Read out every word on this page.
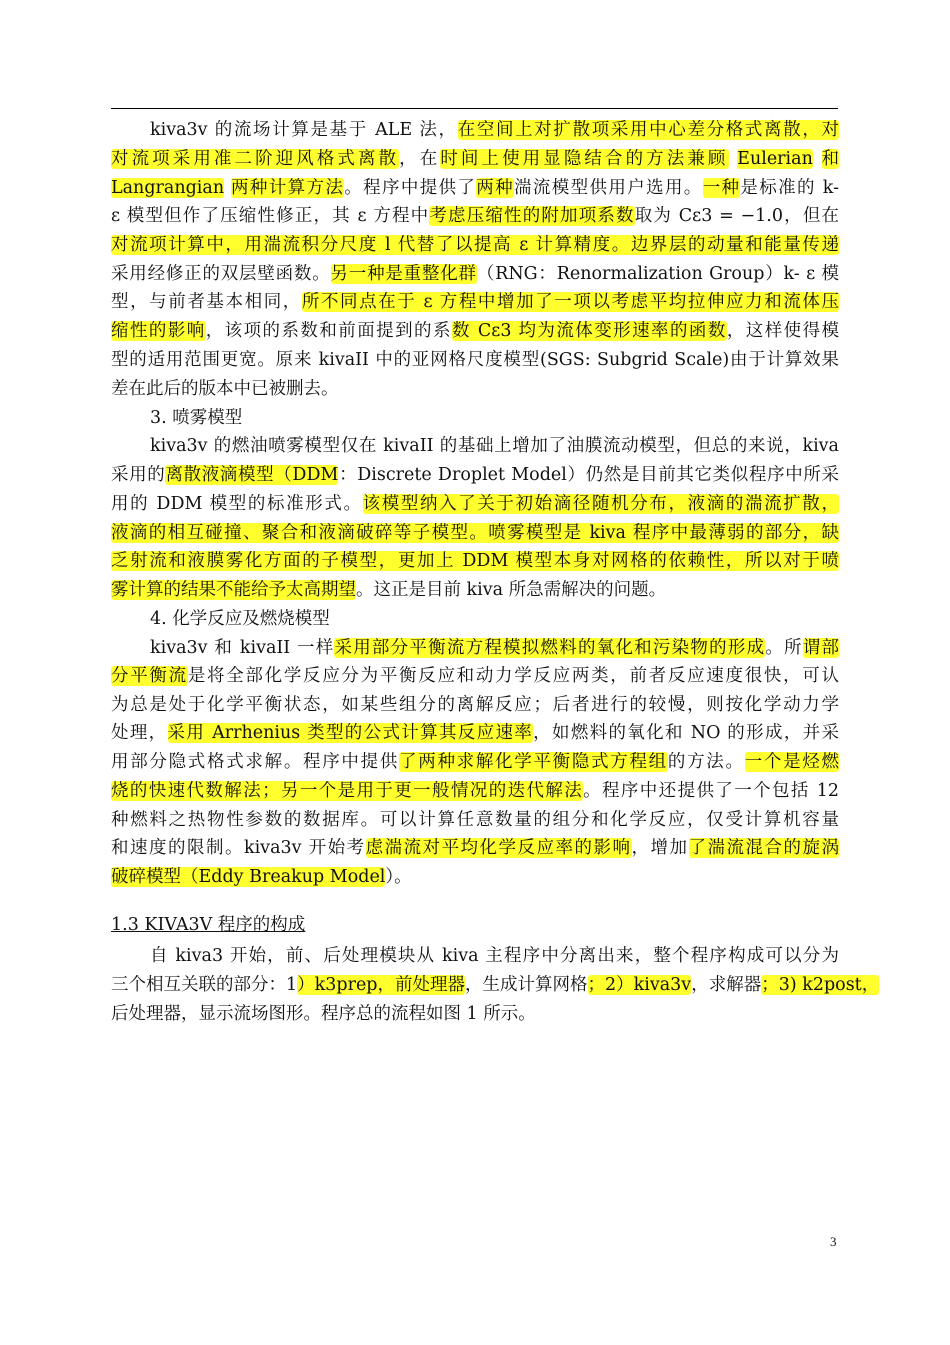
kiva3v 的流场计算是基于 ALE 法，在空间上对扩散项采用中心差分格式离散，对
对流项采用准二阶迎风格式离散，在时间上使用显隐结合的方法兼顾 Eulerian 和
Langrangian 两种计算方法。程序中提供了两种湍流模型供用户选用。一种是标准的 k-
ε 模型但作了压缩性修正，其 ε 方程中考虑压缩性的附加项系数取为 Cε3 = −1.0，但在
对流项计算中，用湍流积分尺度 l 代替了以提高 ε 计算精度。边界层的动量和能量传递
采用经修正的双层壁函数。另一种是重整化群（RNG：Renormalization Group）k- ε 模
型，与前者基本相同，所不同点在于 ε 方程中增加了一项以考虑平均拉伸应力和流体压
缩性的影响，该项的系数和前面提到的系数 Cε3 均为流体变形速率的函数，这样使得模
型的适用范围更宽。原来 kivaII 中的亚网格尺度模型(SGS: Subgrid Scale)由于计算效果
差在此后的版本中已被删去。
3. 喷雾模型
kiva3v 的燃油喷雾模型仅在 kivaII 的基础上增加了油膜流动模型，但总的来说，kiva
采用的离散液滴模型（DDM：Discrete Droplet Model）仍然是目前其它类似程序中所采
用的 DDM 模型的标准形式。该模型纳入了关于初始滴径随机分布，液滴的湍流扩散，
液滴的相互碰撞、聚合和液滴破碎等子模型。喷雾模型是 kiva 程序中最薄弱的部分，缺
乏射流和液膜雾化方面的子模型，更加上 DDM 模型本身对网格的依赖性，所以对于喷
雾计算的结果不能给予太高期望。这正是目前 kiva 所急需解决的问题。
4. 化学反应及燃烧模型
kiva3v 和 kivaII 一样采用部分平衡流方程模拟燃料的氧化和污染物的形成。所谓部
分平衡流是将全部化学反应分为平衡反应和动力学反应两类，前者反应速度很快，可认
为总是处于化学平衡状态，如某些组分的离解反应；后者进行的较慢，则按化学动力学
处理，采用 Arrhenius 类型的公式计算其反应速率，如燃料的氧化和 NO 的形成，并采
用部分隐式格式求解。程序中提供了两种求解化学平衡隐式方程组的方法。一个是烃燃
烧的快速代数解法；另一个是用于更一般情况的迭代解法。程序中还提供了一个包括 12
种燃料之热物性参数的数据库。可以计算任意数量的组分和化学反应，仅受计算机容量
和速度的限制。kiva3v 开始考虑湍流对平均化学反应率的影响，增加了湍流混合的旋涡
破碎模型（Eddy Breakup Model）。
自 kiva3 开始，前、后处理模块从 kiva 主程序中分离出来，整个程序构成可以分为
三个相互关联的部分：1）k3prep，前处理器，生成计算网格；2）kiva3v，求解器；3) k2post，
后处理器，显示流场图形。程序总的流程如图 1 所示。
1.3 KIVA3V 程序的构成
3
